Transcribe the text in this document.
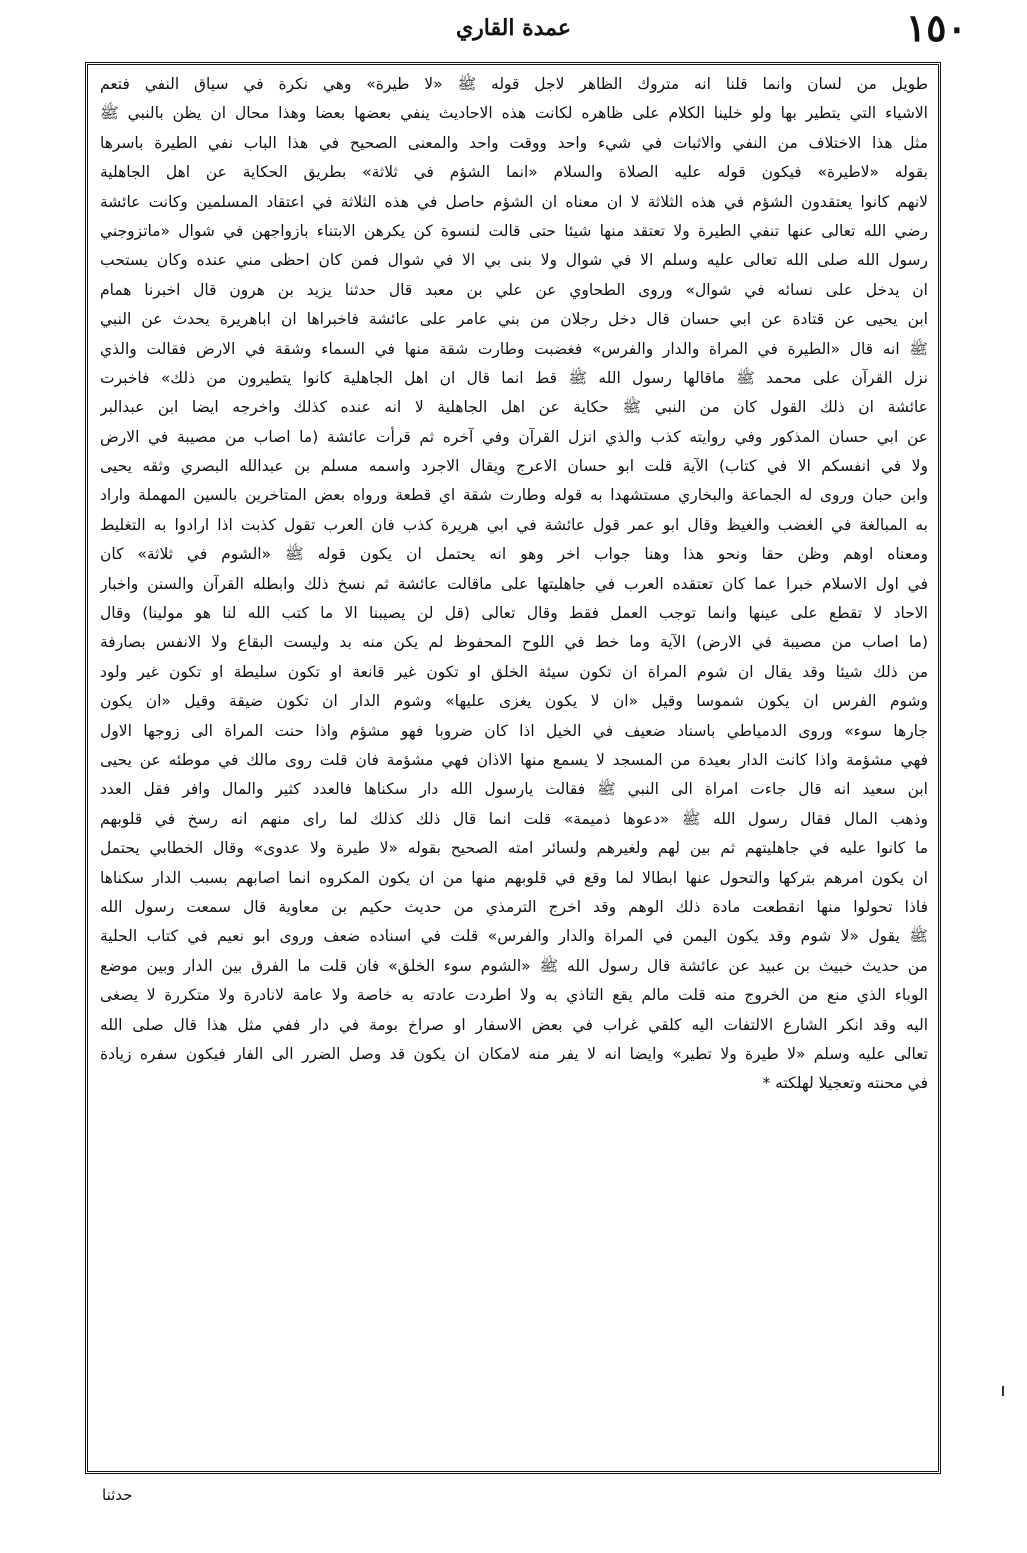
١٥٠
عمدة القاري
طويل من لسان وانما قلنا انه متروك الظاهر لاجل قوله ﷺ «لا طيرة» وهي نكرة في سياق النفي فتعم
الاشياء التي يتطير بها ولو خلينا الكلام على ظاهره لكانت هذه الاحاديث ينفي بعضها بعضا وهذا محال ان يظن بالنبي ﷺ
مثل هذا الاختلاف من النفي والاثبات في شيء واحد ووقت واحد والمعنى الصحيح في هذا الباب نفي الطيرة باسرها
بقوله «لاطيرة» فيكون قوله عليه الصلاة والسلام «انما الشؤم في ثلاثة» بطريق الحكاية عن اهل الجاهلية
لانهم كانوا يعتقدون الشؤم في هذه الثلاثة لا ان معناه ان الشؤم حاصل في هذه الثلاثة في اعتقاد المسلمين وكانت عائشة
رضي الله تعالى عنها تنفي الطيرة ولا تعتقد منها شيئا حتى قالت لنسوة كن يكرهن الابتناء بازواجهن في شوال «ماتزوجني
رسول الله صلى الله تعالى عليه وسلم الا في شوال ولا بنى بي الا في شوال فمن كان احظى مني عنده وكان يستحب
ان يدخل على نسائه في شوال» وروى الطحاوي عن علي بن معبد قال حدثنا يزيد بن هرون قال اخبرنا همام
ابن يحيى عن قتادة عن ابي حسان قال دخل رجلان من بني عامر على عائشة فاخبراها ان اباهريرة يحدث عن النبي
ﷺ انه قال «الطيرة في المراة والدار والفرس» فغضبت وطارت شقة منها في السماء وشقة في الارض فقالت والذي
نزل القرآن على محمد ﷺ ماقالها رسول الله ﷺ قط انما قال ان اهل الجاهلية كانوا يتطيرون من ذلك» فاخبرت
عائشة ان ذلك القول كان من النبي ﷺ حكاية عن اهل الجاهلية لا انه عنده كذلك واخرجه ايضا ابن عبدالبر
عن ابي حسان المذكور وفي روايته كذب والذي انزل القرآن وفي آخره ثم قرأت عائشة (ما اصاب من مصيبة في الارض
ولا في انفسكم الا في كتاب) الآية قلت ابو حسان الاعرج ويقال الاجرد واسمه مسلم بن عبدالله البصري وثقه يحيى
وابن حبان وروى له الجماعة والبخاري مستشهدا به قوله وطارت شقة اي قطعة ورواه بعض المتاخرين بالسين المهملة واراد
به المبالغة في الغضب والغيظ وقال ابو عمر قول عائشة في ابي هريرة كذب فان العرب تقول كذبت اذا ارادوا به التغليط
ومعناه اوهم وظن حقا ونحو هذا وهنا جواب اخر وهو انه يحتمل ان يكون قوله ﷺ «الشوم في ثلاثة» كان
في اول الاسلام خبرا عما كان تعتقده العرب في جاهليتها على ماقالت عائشة ثم نسخ ذلك وابطله القرآن والسنن واخبار
الاحاد لا تقطع على عينها وانما توجب العمل فقط وقال تعالى (قل لن يصيبنا الا ما كتب الله لنا هو مولينا) وقال
(ما اصاب من مصيبة في الارض) الآية وما خط في اللوح المحفوظ لم يكن منه بد وليست البقاع ولا الانفس بصارفة
من ذلك شيئا وقد يقال ان شوم المراة ان تكون سيئة الخلق او تكون غير قانعة او تكون سليطة او تكون غير ولود
وشوم الفرس ان يكون شموسا وقيل «ان لا يكون يغزى عليها» وشوم الدار ان تكون ضيقة وقيل «ان يكون
جارها سوء» وروى الدمياطي باسناد ضعيف في الخيل اذا كان ضروبا فهو مشؤم واذا حنت المراة الى زوجها الاول
فهي مشؤمة واذا كانت الدار بعيدة من المسجد لا يسمع منها الاذان فهي مشؤمة فان قلت روى مالك في موطئه عن يحيى
ابن سعيد انه قال جاءت امراة الى النبي ﷺ فقالت يارسول الله دار سكناها فالعدد كثير والمال وافر فقل العدد
وذهب المال فقال رسول الله ﷺ «دعوها ذميمة» قلت انما قال ذلك كذلك لما راى منهم انه رسخ في قلوبهم
ما كانوا عليه في جاهليتهم ثم بين لهم ولغيرهم ولسائر امته الصحيح بقوله «لا طيرة ولا عدوى» وقال الخطابي يحتمل
ان يكون امرهم بتركها والتحول عنها ابطالا لما وقع في قلوبهم منها من ان يكون المكروه انما اصابهم بسبب الدار سكناها
فاذا تحولوا منها انقطعت مادة ذلك الوهم وقد اخرج الترمذي من حديث حكيم بن معاوية قال سمعت رسول الله
ﷺ يقول «لا شوم وقد يكون اليمن في المراة والدار والفرس» قلت في اسناده ضعف وروى ابو نعيم في كتاب الحلية
من حديث خبيث بن عبيد عن عائشة قال رسول الله ﷺ «الشوم سوء الخلق» فان قلت ما الفرق بين الدار وبين موضع
الوباء الذي منع من الخروج منه قلت مالم يقع التاذي به ولا اطردت عادته به خاصة ولا عامة لانادرة ولا متكررة لا يصغى
اليه وقد انكر الشارع الالتفات اليه كلقي غراب في بعض الاسفار او صراخ بومة في دار ففي مثل هذا قال صلى الله
تعالى عليه وسلم «لا طيرة ولا تطير» وايضا انه لا يفر منه لامكان ان يكون قد وصل الضرر الى الفار فيكون سفره زيادة
في محنته وتعجيلا لهلكته *
حدثنا
